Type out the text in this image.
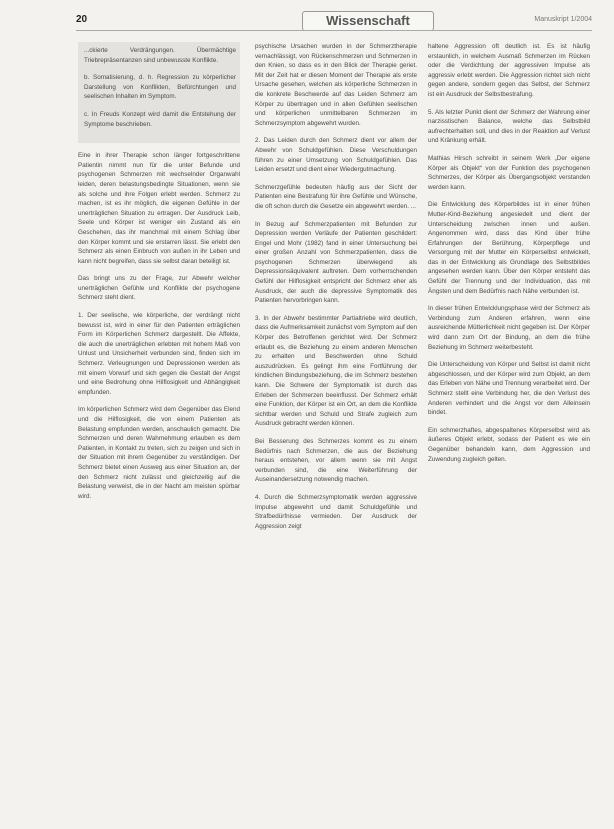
20	Wissenschaft	Manuskript 1/2004

...ckierte Verdrängungen. Übermächtige Triebrepräsentanzen sind unbewusste Konflikte.

b. Somatisierung, d. h. Regression zu körperlicher Darstellung von Konflikten, Befürchtungen und seelischen Inhalten im Symptom.

c. In Freuds Konzept wird damit die Entstehung der Symptome beschrieben.

Eine in ihrer Therapie schon länger fortgeschrittene Patientin nimmt nun für die unter Befunde und psychogenen Schmerzen mit wechselnder Organwahl leiden, deren belastungsbedingte Situationen, wenn sie als solche und ihre Folgen erlebt werden. Schmerz zu machen, ist es ihr möglich, die eigenen Gefühle in der unerträglichen Situation zu ertragen. Der Ausdruck Leib, Seele und Körper ist weniger ein Zustand als ein Geschehen, das ihr manchmal mit einem Schlag über den Körper kommt und sie erstarren lässt. Sie erlebt den Schmerz als einen Einbruch von außen in ihr Leben und kann nicht begreifen, dass sie selbst daran beteiligt ist.

Das bringt uns zu der Frage, zur Abwehr welcher unerträglichen Gefühle und Konflikte der psychogene Schmerz steht dient.

1. Der seelische, wie körperliche, der verdrängt nicht bewusst ist, wird in einer für den Patienten erträglichen Form im Körperlichen Schmerz dargestellt. Die Affekte, die auch die unerträglichen erlebten mit hohem Maß von Unlust und Unsicherheit verbunden sind, finden sich im Schmerz. Verleugnungen und Depressionen werden als mit einem Vorwurf und sich gegen die Gestalt der Angst und eine Bedrohung ohne Hilflosigkeit und Abhängigkeit empfunden.

Im körperlichen Schmerz wird dem Gegenüber das Elend und die Hilflosigkeit, die von einem Patienten als Belastung empfunden werden, anschaulich gemacht. Die Schmerzen und deren Wahrnehmung erlauben es dem Patienten, in Kontakt zu treten, sich zu zeigen und sich in der Situation mit ihrem Gegenüber zu verständigen. Der Schmerz bietet einen Ausweg aus einer Situation an, der den Schmerz nicht zulässt und gleichzeitig auf die Belastung verweist, die in der Nacht am meisten spürbar wird.

psychische Ursachen wurden in der Schmerztherapie vernachlässigt, von Rückenschmerzen und Schmerzen in den Knien, so dass es in den Blick der Therapie geriet. Mit der Zeit hat er diesen Moment der Therapie als erste Ursache gesehen, welchen als körperliche Schmerzen in die konkrete Beschwerde auf das Leiden Schmerz am Körper zu übertragen und in allen Gefühlen seelischen und körperlichen unmittelbaren Schmerzen im Schmerzsymptom abgewehrt wurden.

2. Das Leiden durch den Schmerz dient vor allem der Abwehr von Schuldgefühlen. Diese Verschuldungen führen zu einer Umsetzung von Schuldgefühlen. Das Leiden ersetzt und dient einer Wiedergutmachung.

Schmerzgefühle bedeuten häufig aus der Sicht der Patienten eine Bestrafung für ihre Gefühle und Wünsche, die oft schon durch die Gesetze ein abgewehrt werden. ...

In Bezug auf Schmerzpatienten mit Befunden zur Depression werden Verläufe der Patienten geschildert: Engel und Mohr (1982) fand in einer Untersuchung bei einer großen Anzahl von Schmerzpatienten, dass die psychogenen Schmerzen überwiegend als Depressionsäquivalent auftreten. Dem vorherrschenden Gefühl der Hilflosigkeit entspricht der Schmerz eher als Ausdruck, der auch die depressive Symptomatik des Patienten hervorbringen kann.

3. In der Abwehr bestimmter Partialtriebe wird deutlich, dass die Aufmerksamkeit zunächst vom Symptom auf den Körper des Betroffenen gerichtet wird. Der Schmerz erlaubt es, die Beziehung zu einem anderen Menschen zu erhalten und Beschwerden ohne Schuld auszudrücken. Es gelingt ihm eine Fortführung der kindlichen Bindungsbeziehung, die im Schmerz bestehen kann. Die Schwere der Symptomatik ist durch das Erleben der Schmerzen beeinflusst. Der Schmerz erhält eine Funktion, der Körper ist ein Ort, an dem die Konflikte sichtbar werden und Schuld und Strafe zugleich zum Ausdruck gebracht werden können.

Bei Besserung des Schmerzes kommt es zu einem Bedürfnis nach Schmerzen, die aus der Beziehung heraus entstehen, vor allem wenn sie mit Angst verbunden sind, die eine Weiterführung der Auseinandersetzung notwendig machen.

4. Durch die Schmerzsymptomatik werden aggressive Impulse abgewehrt und damit Schuldgefühle und Strafbedürfnisse vermieden. Der Ausdruck der Aggression zeigt

haltene Aggression oft deutlich ist. Es ist häufig erstaunlich, in welchem Ausmaß Schmerzen im Rücken oder die Verdichtung der aggressiven Impulse als aggressiv erlebt werden. Die Aggression richtet sich nicht gegen andere, sondern gegen das Selbst, der Schmerz ist ein Ausdruck der Selbstbestrafung.

5. Als letzter Punkt dient der Schmerz der Wahrung einer narzisstischen Balance, welche das Selbstbild aufrechterhalten soll, und dies in der Reaktion auf Verlust und Kränkung erhält.

Mathias Hirsch schreibt in seinem Werk „Der eigene Körper als Objekt“ von der Funktion des psychogenen Schmerzes, der Körper als Übergangsobjekt verstanden werden kann.

Die Entwicklung des Körperbildes ist in einer frühen Mutter-Kind-Beziehung angesiedelt und dient der Unterscheidung zwischen innen und außen. Angenommen wird, dass das Kind über frühe Erfahrungen der Berührung, Körperpflege und Versorgung mit der Mutter ein Körperselbst entwickelt, das in der Entwicklung als Grundlage des Selbstbildes angesehen werden kann. Über den Körper entsteht das Gefühl der Trennung und der Individuation, das mit Ängsten und dem Bedürfnis nach Nähe verbunden ist.

In dieser frühen Entwicklungsphase wird der Schmerz als Verbindung zum Anderen erfahren, wenn eine ausreichende Mütterlichkeit nicht gegeben ist. Der Körper wird dann zum Ort der Bindung, an dem die frühe Beziehung im Schmerz weiterbesteht.

Die Unterscheidung von Körper und Selbst ist damit nicht abgeschlossen, und der Körper wird zum Objekt, an dem das Erleben von Nähe und Trennung verarbeitet wird. Der Schmerz stellt eine Verbindung her, die den Verlust des Anderen verhindert und die Angst vor dem Alleinsein bindet.

Ein schmerzhaftes, abgespaltenes Körperselbst wird als äußeres Objekt erlebt, sodass der Patient es wie ein Gegenüber behandeln kann, dem Aggression und Zuwendung zugleich gelten.
